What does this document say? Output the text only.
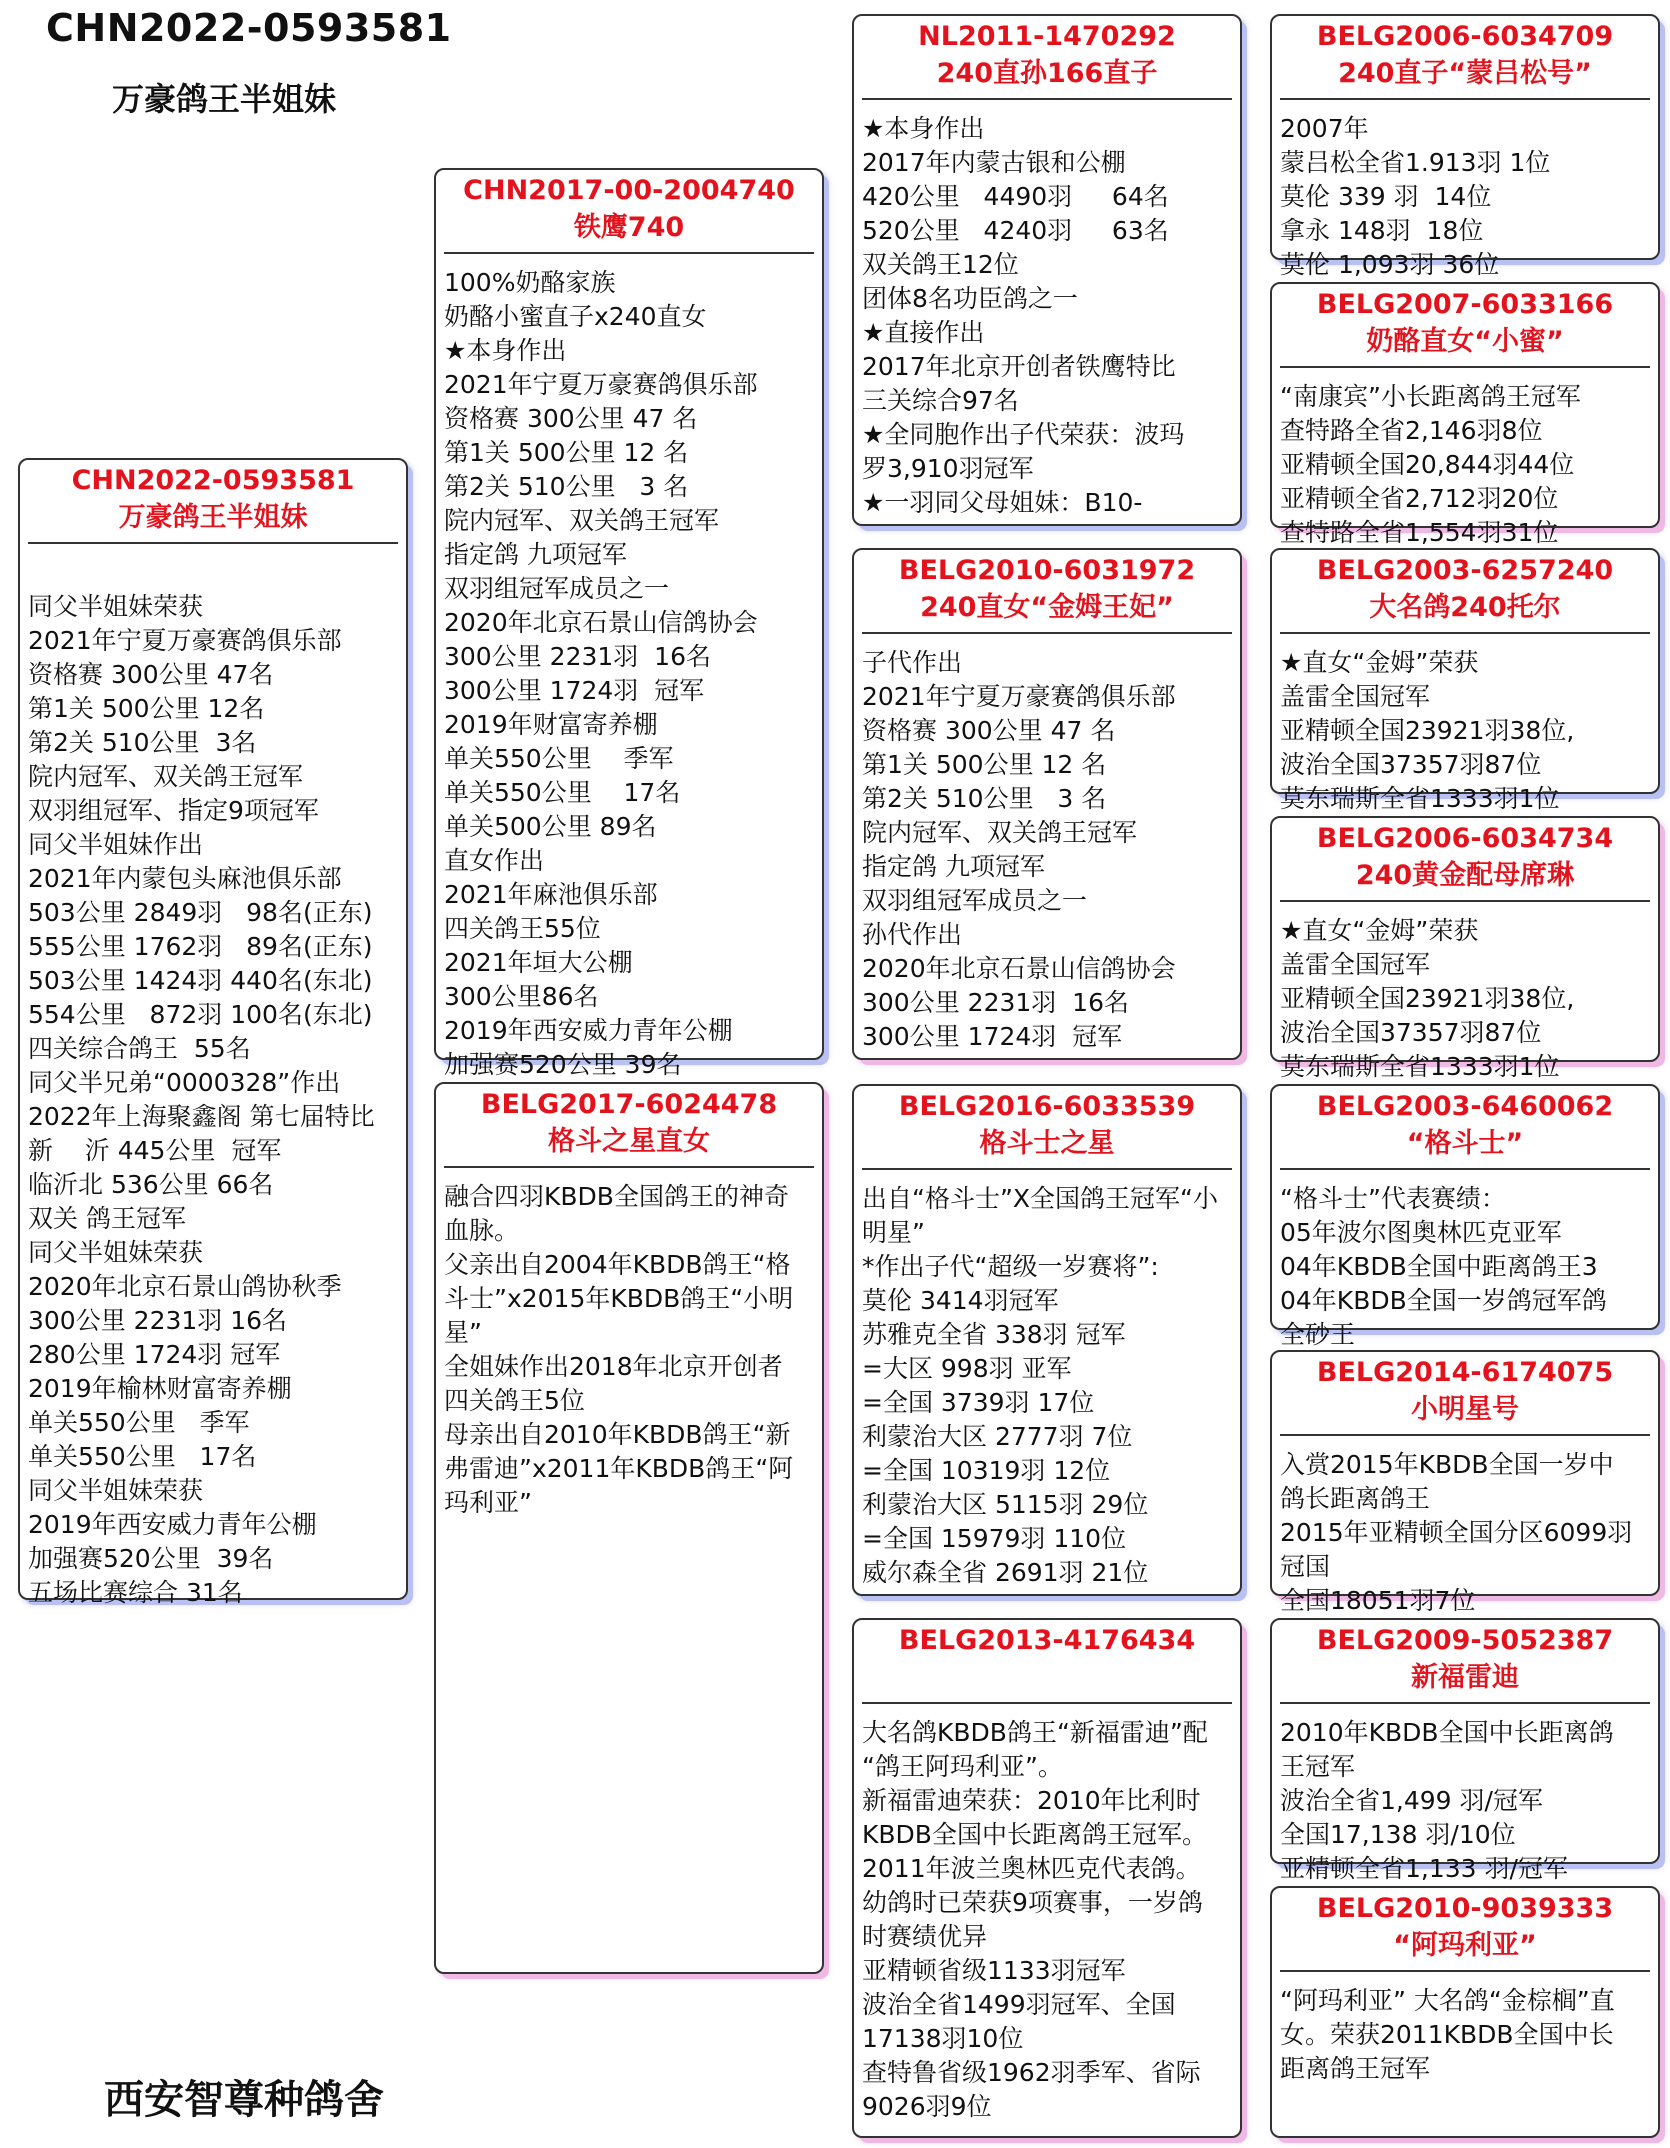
CHN2022-0593581
万豪鸽王半姐妹
西安智尊种鸽舍
CHN2022-0593581
万豪鸽王半姐妹

同父半姐妹荣获
2021年宁夏万豪赛鸽俱乐部
资格赛 300公里 47名
第1关 500公里 12名
第2关 510公里  3名
院内冠军、双关鸽王冠军
双羽组冠军、指定9项冠军
同父半姐妹作出
2021年内蒙包头麻池俱乐部
503公里 2849羽   98名(正东)
555公里 1762羽   89名(正东)
503公里 1424羽 440名(东北)
554公里   872羽 100名(东北)
四关综合鸽王  55名
同父半兄弟“0000328”作出
2022年上海聚鑫阁 第七届特比
新    沂 445公里  冠军
临沂北 536公里 66名
双关 鸽王冠军
同父半姐妹荣获
2020年北京石景山鸽协秋季
300公里 2231羽 16名
280公里 1724羽 冠军
2019年榆林财富寄养棚
单关550公里   季军
单关550公里   17名
同父半姐妹荣获
2019年西安威力青年公棚
加强赛520公里  39名
五场比赛综合 31名
CHN2017-00-2004740
铁鹰740
100%奶酪家族
奶酪小蜜直子x240直女
★本身作出
2021年宁夏万豪赛鸽俱乐部
资格赛 300公里 47 名
第1关 500公里 12 名
第2关 510公里   3 名
院内冠军、双关鸽王冠军
指定鸽 九项冠军
双羽组冠军成员之一
2020年北京石景山信鸽协会
300公里 2231羽  16名
300公里 1724羽  冠军
2019年财富寄养棚
单关550公里    季军
单关550公里    17名
单关500公里 89名
直女作出
2021年麻池俱乐部
四关鸽王55位
2021年垣大公棚
300公里86名
2019年西安威力青年公棚
加强赛520公里 39名
BELG2017-6024478
格斗之星直女
融合四羽KBDB全国鸽王的神奇
血脉。
父亲出自2004年KBDB鸽王“格
斗士”x2015年KBDB鸽王“小明
星”
全姐妹作出2018年北京开创者
四关鸽王5位
母亲出自2010年KBDB鸽王“新
弗雷迪”x2011年KBDB鸽王“阿
玛利亚”
NL2011-1470292
240直孙166直子
★本身作出
2017年内蒙古银和公棚
420公里   4490羽     64名
520公里   4240羽     63名
双关鸽王12位
团体8名功臣鸽之一
★直接作出
2017年北京开创者铁鹰特比
三关综合97名
★全同胞作出子代荣获：波玛
罗3,910羽冠军
★一羽同父母姐妹：B10-
BELG2010-6031972
240直女“金姆王妃”
子代作出
2021年宁夏万豪赛鸽俱乐部
资格赛 300公里 47 名
第1关 500公里 12 名
第2关 510公里   3 名
院内冠军、双关鸽王冠军
指定鸽 九项冠军
双羽组冠军成员之一
孙代作出
2020年北京石景山信鸽协会
300公里 2231羽  16名
300公里 1724羽  冠军
BELG2016-6033539
格斗士之星
出自“格斗士”X全国鸽王冠军“小
明星”
*作出子代“超级一岁赛将”:
莫伦 3414羽冠军
苏雅克全省 338羽 冠军
=大区 998羽 亚军
=全国 3739羽 17位
利蒙治大区 2777羽 7位
=全国 10319羽 12位
利蒙治大区 5115羽 29位
=全国 15979羽 110位
威尔森全省 2691羽 21位
BELG2013-4176434

大名鸽KBDB鸽王“新福雷迪”配
“鸽王阿玛利亚”。
新福雷迪荣获：2010年比利时
KBDB全国中长距离鸽王冠军。
2011年波兰奥林匹克代表鸽。
幼鸽时已荣获9项赛事，一岁鸽
时赛绩优异
亚精顿省级1133羽冠军
波治全省1499羽冠军、全国
17138羽10位
查特鲁省级1962羽季军、省际
9026羽9位
BELG2006-6034709
240直子“蒙吕松号”
2007年
蒙吕松全省1.913羽 1位
莫伦 339 羽  14位
拿永 148羽  18位
莫伦 1,093羽 36位
BELG2007-6033166
奶酪直女“小蜜”
“南康宾”小长距离鸽王冠军
查特路全省2,146羽8位
亚精顿全国20,844羽44位
亚精顿全省2,712羽20位
查特路全省1,554羽31位
BELG2003-6257240
大名鸽240托尔
★直女“金姆”荣获
盖雷全国冠军
亚精顿全国23921羽38位,
波治全国37357羽87位
莫东瑞斯全省1333羽1位
BELG2006-6034734
240黄金配母席琳
★直女“金姆”荣获
盖雷全国冠军
亚精顿全国23921羽38位,
波治全国37357羽87位
莫东瑞斯全省1333羽1位
BELG2003-6460062
“格斗士”
“格斗士”代表赛绩：
05年波尔图奥林匹克亚军
04年KBDB全国中距离鸽王3
04年KBDB全国一岁鸽冠军鸽
全砂王
BELG2014-6174075
小明星号
入赏2015年KBDB全国一岁中
鸽长距离鸽王
2015年亚精顿全国分区6099羽
冠国
全国18051羽7位
BELG2009-5052387
新福雷迪
2010年KBDB全国中长距离鸽
王冠军
波治全省1,499 羽/冠军
全国17,138 羽/10位
亚精顿全省1,133 羽/冠军
BELG2010-9039333
“阿玛利亚”
“阿玛利亚” 大名鸽“金棕榈”直
女。荣获2011KBDB全国中长
距离鸽王冠军
